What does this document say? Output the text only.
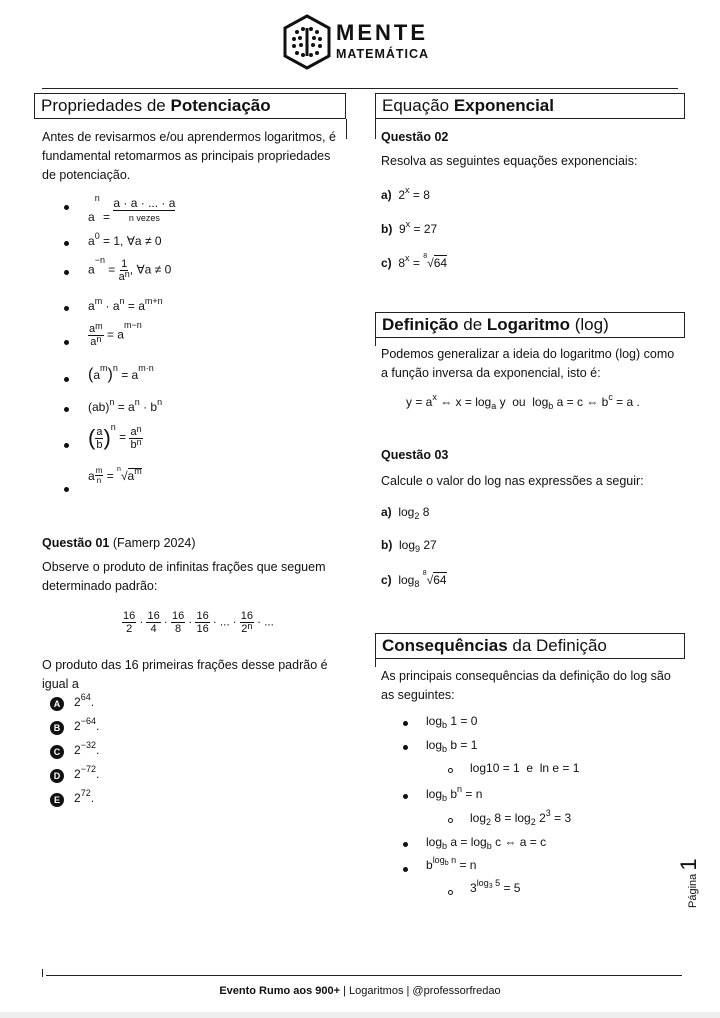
MENTE
MATEMÁTICA
Propriedades de Potenciação
Antes de revisarmos e/ou aprendermos logaritmos, é fundamental retomarmos as principais propriedades de potenciação.
$a^n = a \cdot a$ · ... · a
n vezes
$a^0 = 1$, ∀a ≠ 0
$a^{-n} = \frac{1}{a^n}$ , ∀a ≠ 0
$a^m \cdot a^n = a^{m+n}$
$\frac{a^m}{a^n} = a^{m-n}$
$(a^m)^n = a^{m\cdot n}$
$(ab)^n = a^n \cdot b^n$
( $\frac{a}{b} )^n = \frac{a^n}{b^n}$
a $^{\frac{m}{n}} = ^n√a^m$
Questão 01 (Famerp 2024)
Observe o produto de infinitas frações que seguem determinado padrão:
$\frac{16}{2} \cdot \frac{16}{4} \cdot \frac{16}{8} \cdot \frac{16}{16}$ · ... · $\frac{16}{2^n}$ · ...
O produto das 16 primeiras frações desse padrão é igual a
A	$2^{64}$.
B	$2^{-64}$.
C	$2^{-32}$.
D	$2^{-72}$.
E	$2^{72}$.
Equação Exponencial
Questão 02
Resolva as seguintes equações exponenciais:
a)  $2^x = 8$
b)  $9^x = 27$
c)  $8^x = ^8√64$
Definição de Logaritmo (log)
Podemos generalizar a ideia do logaritmo (log) como a função inversa da exponencial, isto é:
$y = a^x$ ⇔ $x = \log_a y$  ou  $\log_b a = c$ ⇔ $b^c = a$ .
Questão 03
Calcule o valor do log nas expressões a seguir:
a)  $\log_2 8$
b)  $\log_9 27$
c)  $\log_8 ^8√64$
Consequências da Definição
As principais consequências da definição do log são as seguintes:
$\log_b 1 = 0$
$\log_b b = 1$
log10 = 1  e  ln e = 1
$\log_b b^n = n$
$\log_2 8 = \log_2 2^3 = 3$
$\log_b a = \log_b c$ ⇔ a = c
$b^{log_b n} = n$
$3^{log_3 5} = 5$	Página 1
Evento Rumo aos 900+ | Logaritmos | @professorfredao
